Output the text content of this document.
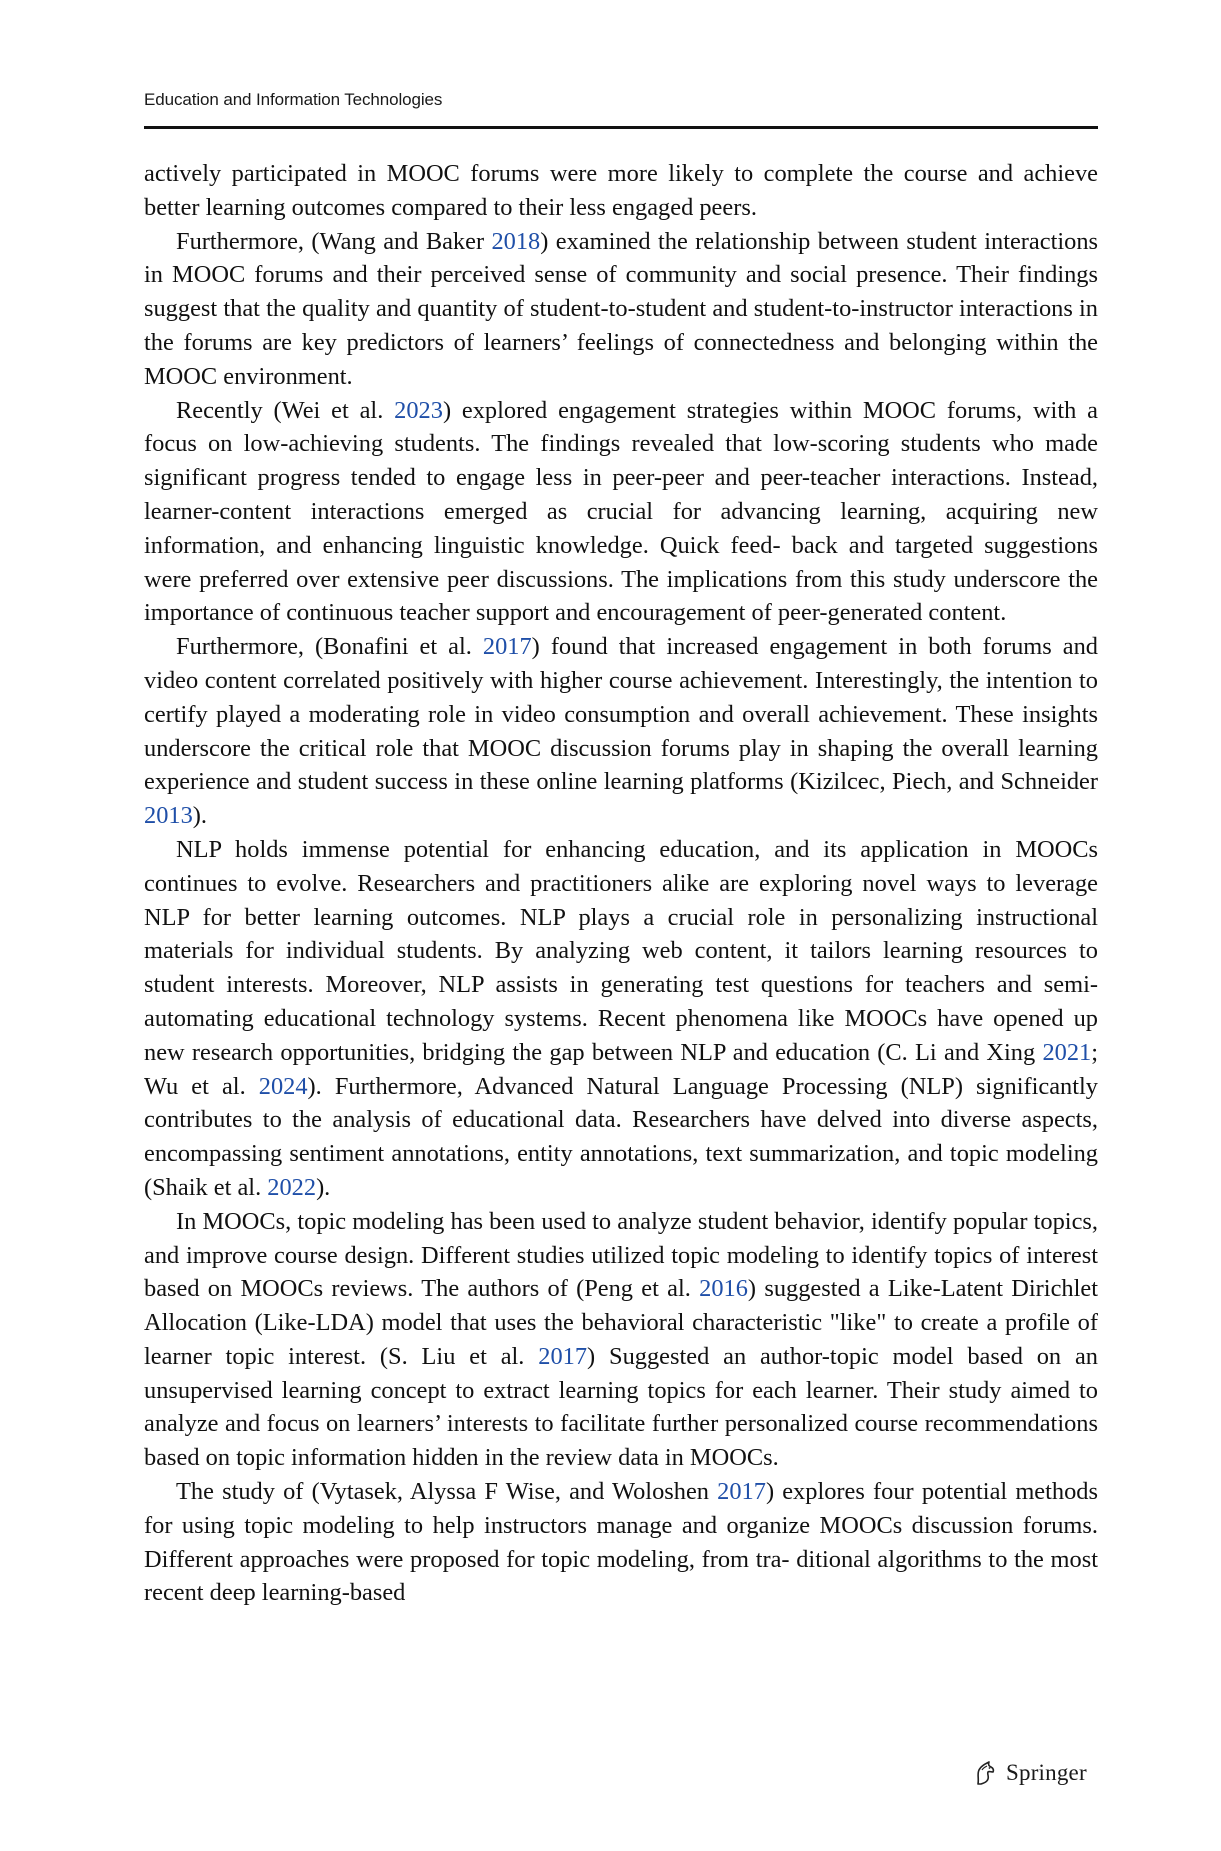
Education and Information Technologies

actively participated in MOOC forums were more likely to complete the course and achieve better learning outcomes compared to their less engaged peers.

Furthermore, (Wang and Baker 2018) examined the relationship between student interactions in MOOC forums and their perceived sense of community and social presence. Their findings suggest that the quality and quantity of student-to-student and student-to-instructor interactions in the forums are key predictors of learners’ feelings of connectedness and belonging within the MOOC environment.

Recently (Wei et al. 2023) explored engagement strategies within MOOC forums, with a focus on low-achieving students. The findings revealed that low-scoring students who made significant progress tended to engage less in peer-peer and peer-teacher interactions. Instead, learner-content interactions emerged as crucial for advancing learning, acquiring new information, and enhancing linguistic knowledge. Quick feed- back and targeted suggestions were preferred over extensive peer discussions. The implications from this study underscore the importance of continuous teacher support and encouragement of peer-generated content.

Furthermore, (Bonafini et al. 2017) found that increased engagement in both forums and video content correlated positively with higher course achievement. Interestingly, the intention to certify played a moderating role in video consumption and overall achievement. These insights underscore the critical role that MOOC discussion forums play in shaping the overall learning experience and student success in these online learning platforms (Kizilcec, Piech, and Schneider 2013).

NLP holds immense potential for enhancing education, and its application in MOOCs continues to evolve. Researchers and practitioners alike are exploring novel ways to leverage NLP for better learning outcomes. NLP plays a crucial role in personalizing instructional materials for individual students. By analyzing web content, it tailors learning resources to student interests. Moreover, NLP assists in generating test questions for teachers and semi-automating educational technology systems. Recent phenomena like MOOCs have opened up new research opportunities, bridging the gap between NLP and education (C. Li and Xing 2021; Wu et al. 2024). Furthermore, Advanced Natural Language Processing (NLP) significantly contributes to the analysis of educational data. Researchers have delved into diverse aspects, encompassing sentiment annotations, entity annotations, text summarization, and topic modeling (Shaik et al. 2022).

In MOOCs, topic modeling has been used to analyze student behavior, identify popular topics, and improve course design. Different studies utilized topic modeling to identify topics of interest based on MOOCs reviews. The authors of (Peng et al. 2016) suggested a Like-Latent Dirichlet Allocation (Like-LDA) model that uses the behavioral characteristic "like" to create a profile of learner topic interest. (S. Liu et al. 2017) Suggested an author-topic model based on an unsupervised learning concept to extract learning topics for each learner. Their study aimed to analyze and focus on learners’ interests to facilitate further personalized course recommendations based on topic information hidden in the review data in MOOCs.

The study of (Vytasek, Alyssa F Wise, and Woloshen 2017) explores four potential methods for using topic modeling to help instructors manage and organize MOOCs discussion forums. Different approaches were proposed for topic modeling, from tra- ditional algorithms to the most recent deep learning-based

Springer
